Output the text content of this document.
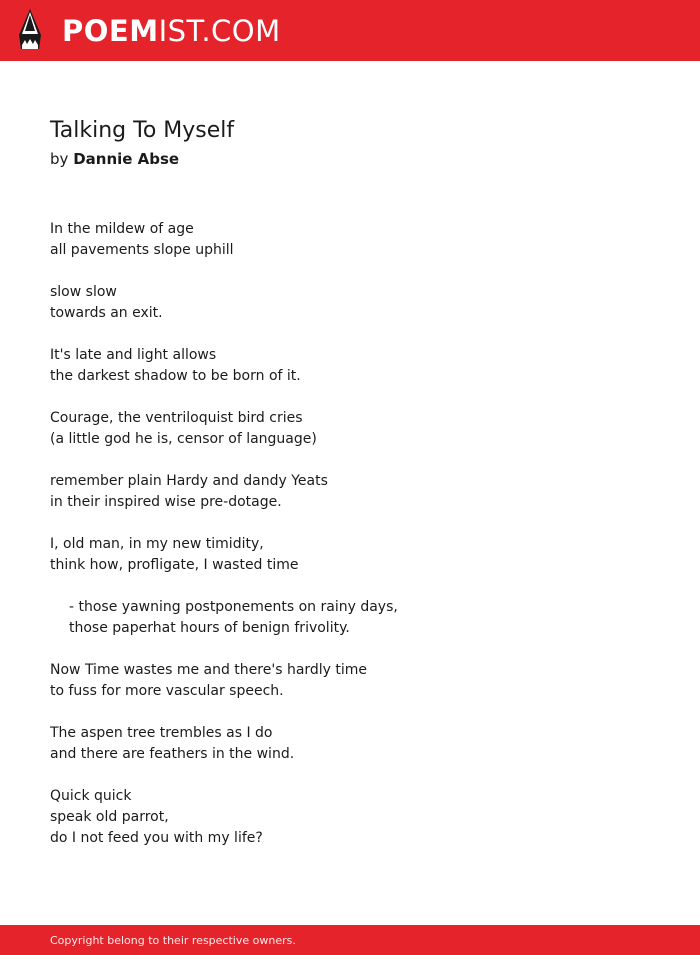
POEMIST.COM
Talking To Myself
by Dannie Abse
In the mildew of age
all pavements slope uphill
slow slow
towards an exit.
It's late and light allows
the darkest shadow to be born of it.
Courage, the ventriloquist bird cries
(a little god he is, censor of language)
remember plain Hardy and dandy Yeats
in their inspired wise pre-dotage.
I, old man, in my new timidity,
think how, profligate, I wasted time
- those yawning postponements on rainy days,
those paperhat hours of benign frivolity.
Now Time wastes me and there's hardly time
to fuss for more vascular speech.
The aspen tree trembles as I do
and there are feathers in the wind.
Quick quick
speak old parrot,
do I not feed you with my life?
Copyright belong to their respective owners.
